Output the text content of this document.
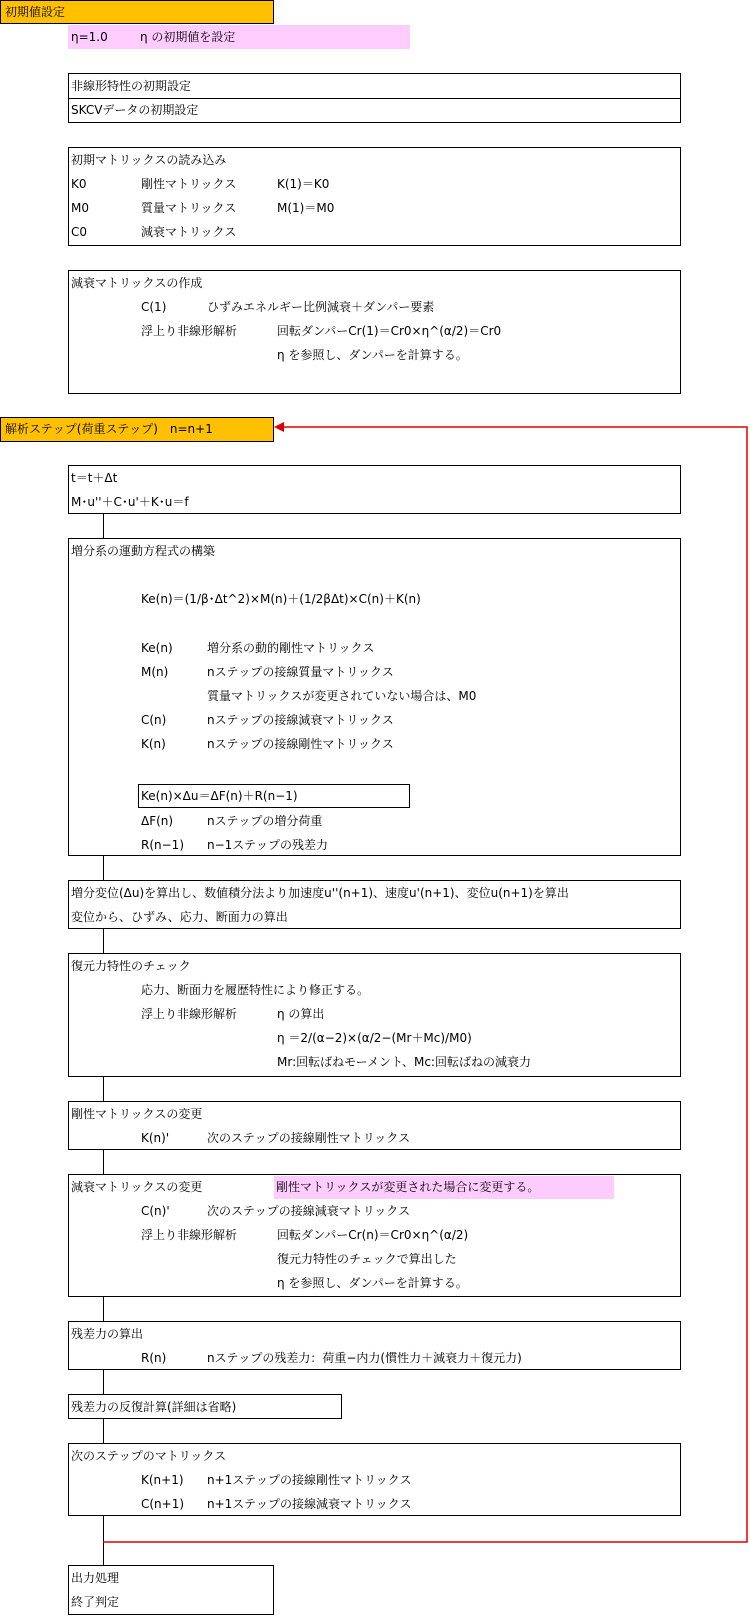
初期値設定
η=1.0	η の初期値を設定
非線形特性の初期設定
SKCVデータの初期設定
初期マトリックスの読み込み
K0	剛性マトリックス	K(1)＝K0
M0	質量マトリックス	M(1)＝M0
C0	減衰マトリックス
減衰マトリックスの作成
C(1)	ひずみエネルギー比例減衰＋ダンパー要素
浮上り非線形解析	回転ダンパーCr(1)＝Cr0×η^(α/2)＝Cr0
η を参照し、ダンパーを計算する。
解析ステップ(荷重ステップ)　n=n+1
t＝t＋Δt
M･u''＋C･u'＋K･u＝f
増分系の運動方程式の構築
Ke(n)＝(1/β･Δt^2)×M(n)＋(1/2βΔt)×C(n)＋K(n)
Ke(n)	増分系の動的剛性マトリックス
M(n)	nステップの接線質量マトリックス
質量マトリックスが変更されていない場合は、M0
C(n)	nステップの接線減衰マトリックス
K(n)	nステップの接線剛性マトリックス
Ke(n)×Δu＝ΔF(n)＋R(n−1)
ΔF(n)	nステップの増分荷重
R(n−1) n−1ステップの残差力
増分変位(Δu)を算出し、数値積分法より加速度u''(n+1)、速度u'(n+1)、変位u(n+1)を算出
変位から、ひずみ、応力、断面力の算出
復元力特性のチェック
応力、断面力を履歴特性により修正する。
浮上り非線形解析	η の算出
η ＝2/(α−2)×(α/2−(Mr＋Mc)/M0)
Mr:回転ばねモーメント、Mc:回転ばねの減衰力
剛性マトリックスの変更
K(n)'	次のステップの接線剛性マトリックス
減衰マトリックスの変更	剛性マトリックスが変更された場合に変更する。
C(n)'	次のステップの接線減衰マトリックス
浮上り非線形解析	回転ダンパーCr(n)＝Cr0×η^(α/2)
復元力特性のチェックで算出した
η を参照し、ダンパーを計算する。
残差力の算出
R(n)	nステップの残差力：荷重−内力(慣性力＋減衰力＋復元力)
残差力の反復計算(詳細は省略)
次のステップのマトリックス
K(n+1) n+1ステップの接線剛性マトリックス
C(n+1) n+1ステップの接線減衰マトリックス
出力処理
終了判定
